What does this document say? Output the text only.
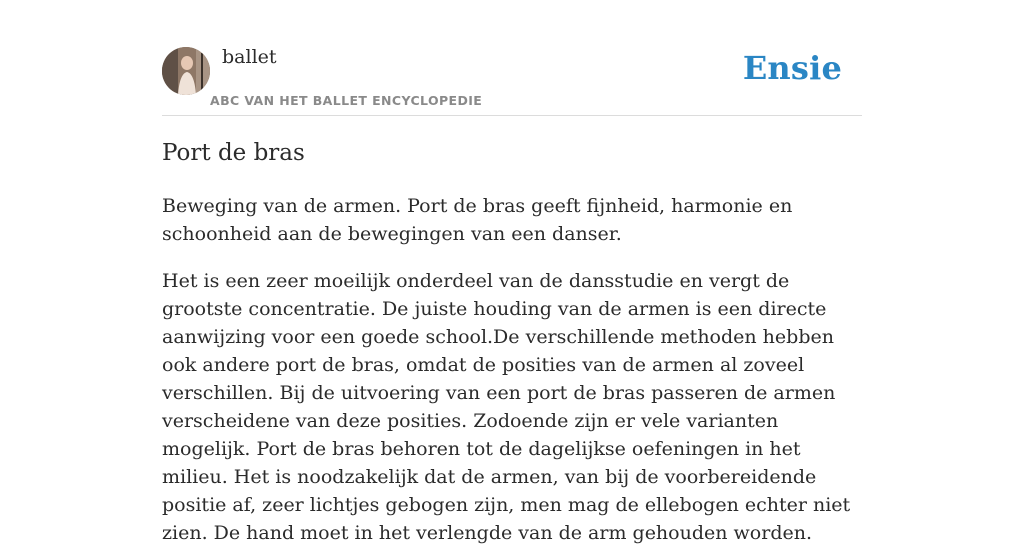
ballet
ABC VAN HET BALLET ENCYCLOPEDIE
Ensie
Port de bras

Beweging van de armen. Port de bras geeft fijnheid, harmonie en schoonheid aan de bewegingen van een danser.

Het is een zeer moeilijk onderdeel van de dansstudie en vergt de grootste concentratie. De juiste houding van de armen is een directe aanwijzing voor een goede school.De verschillende methoden hebben ook andere port de bras, omdat de posities van de armen al zoveel verschillen. Bij de uitvoering van een port de bras passeren de armen verscheidene van deze posities. Zodoende zijn er vele varianten mogelijk. Port de bras behoren tot de dagelijkse oefeningen in het milieu. Het is noodzakelijk dat de armen, van bij de voorbereidende positie af, zeer lichtjes gebogen zijn, men mag de ellebogen echter niet zien. De hand moet in het verlengde van de arm gehouden worden.
